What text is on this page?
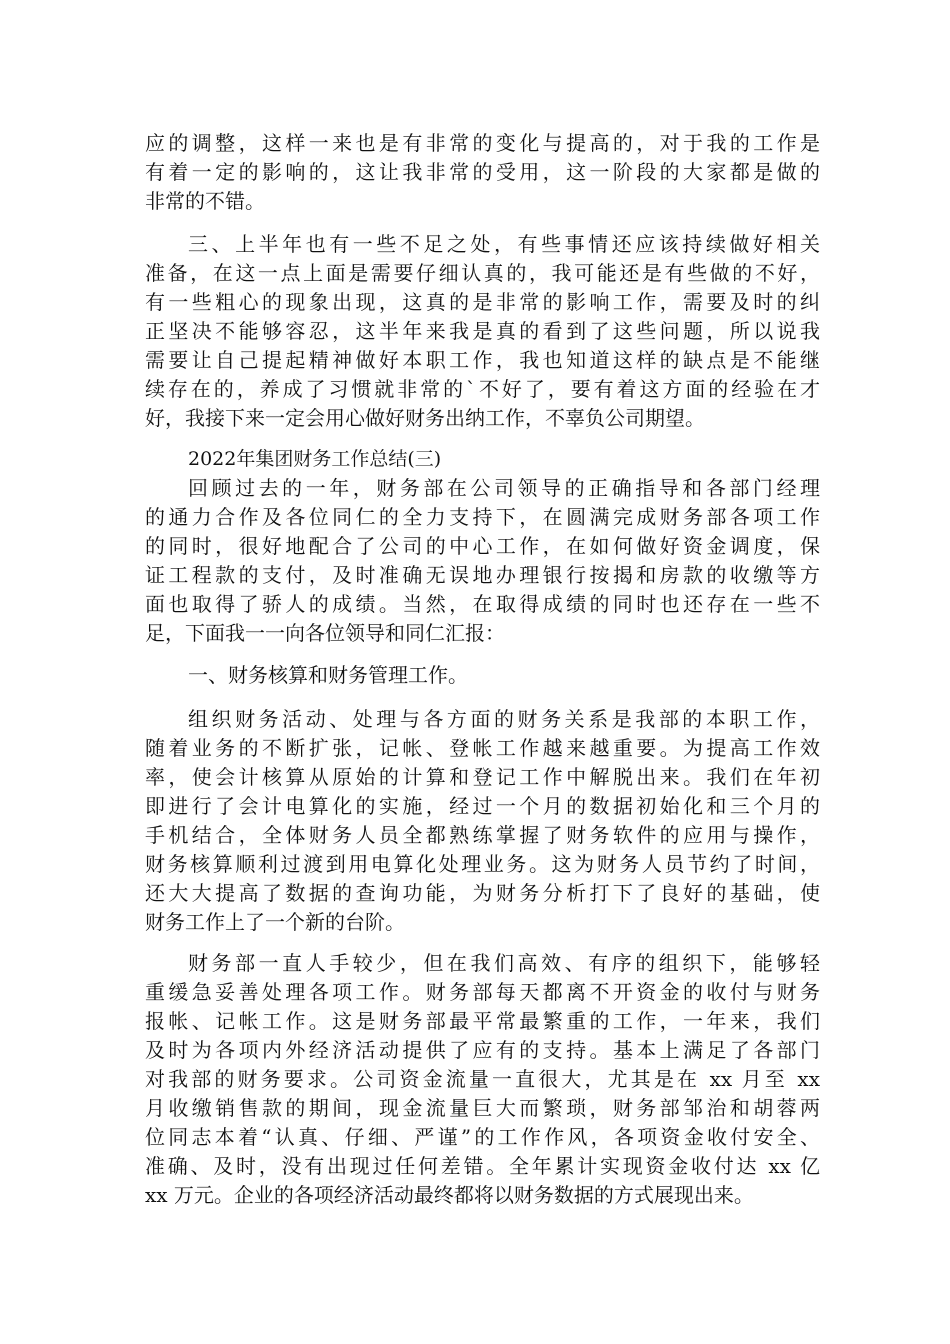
应的调整，这样一来也是有非常的变化与提高的，对于我的工作是
有着一定的影响的，这让我非常的受用，这一阶段的大家都是做的
非常的不错。
三、上半年也有一些不足之处，有些事情还应该持续做好相关
准备，在这一点上面是需要仔细认真的，我可能还是有些做的不好，
有一些粗心的现象出现，这真的是非常的影响工作，需要及时的纠
正坚决不能够容忍，这半年来我是真的看到了这些问题，所以说我
需要让自己提起精神做好本职工作，我也知道这样的缺点是不能继
续存在的，养成了习惯就非常的`不好了，要有着这方面的经验在才
好，我接下来一定会用心做好财务出纳工作，不辜负公司期望。
2022年集团财务工作总结(三)
回顾过去的一年，财务部在公司领导的正确指导和各部门经理
的通力合作及各位同仁的全力支持下，在圆满完成财务部各项工作
的同时，很好地配合了公司的中心工作，在如何做好资金调度，保
证工程款的支付，及时准确无误地办理银行按揭和房款的收缴等方
面也取得了骄人的成绩。当然，在取得成绩的同时也还存在一些不
足，下面我一一向各位领导和同仁汇报：
一、财务核算和财务管理工作。
组织财务活动、处理与各方面的财务关系是我部的本职工作，
随着业务的不断扩张，记帐、登帐工作越来越重要。为提高工作效
率，使会计核算从原始的计算和登记工作中解脱出来。我们在年初
即进行了会计电算化的实施，经过一个月的数据初始化和三个月的
手机结合，全体财务人员全都熟练掌握了财务软件的应用与操作，
财务核算顺利过渡到用电算化处理业务。这为财务人员节约了时间，
还大大提高了数据的查询功能，为财务分析打下了良好的基础，使
财务工作上了一个新的台阶。
财务部一直人手较少，但在我们高效、有序的组织下，能够轻
重缓急妥善处理各项工作。财务部每天都离不开资金的收付与财务
报帐、记帐工作。这是财务部最平常最繁重的工作，一年来，我们
及时为各项内外经济活动提供了应有的支持。基本上满足了各部门
对我部的财务要求。公司资金流量一直很大，尤其是在 xx 月至 xx
月收缴销售款的期间，现金流量巨大而繁琐，财务部邹治和胡蓉两
位同志本着“认真、仔细、严谨”的工作作风，各项资金收付安全、
准确、及时，没有出现过任何差错。全年累计实现资金收付达 xx 亿
xx 万元。企业的各项经济活动最终都将以财务数据的方式展现出来。
